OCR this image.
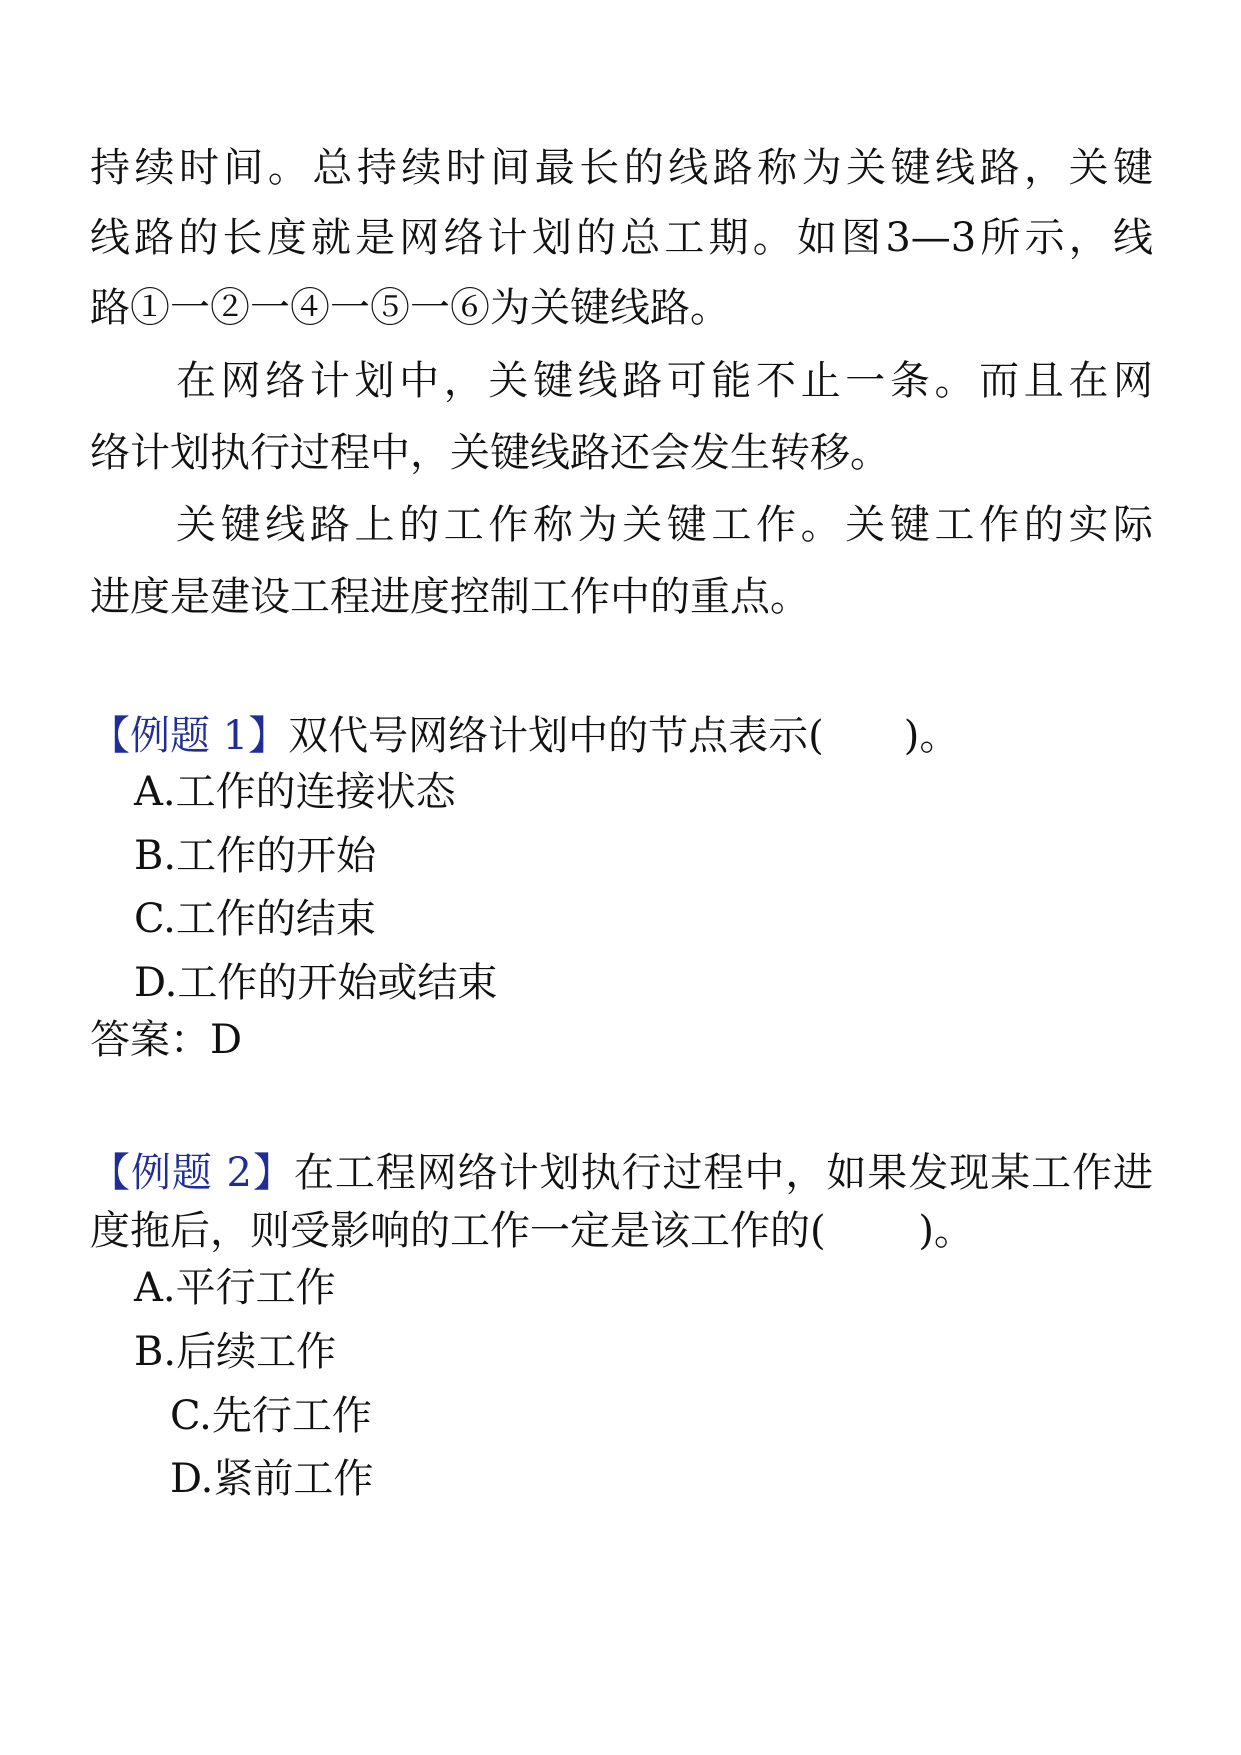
持续时间。总持续时间最长的线路称为关键线路，关键
线路的长度就是网络计划的总工期。如图3—3所示，线
路①一②一④一⑤一⑥为关键线路。
在网络计划中，关键线路可能不止一条。而且在网
络计划执行过程中，关键线路还会发生转移。
关键线路上的工作称为关键工作。关键工作的实际
进度是建设工程进度控制工作中的重点。
【例题 1】双代号网络计划中的节点表示(　　)。
A.工作的连接状态
B.工作的开始
C.工作的结束
D.工作的开始或结束
答案：D
【例题 2】在工程网络计划执行过程中，如果发现某工作进
度拖后，则受影响的工作一定是该工作的(　　 )。
A.平行工作
B.后续工作
C.先行工作
D.紧前工作
